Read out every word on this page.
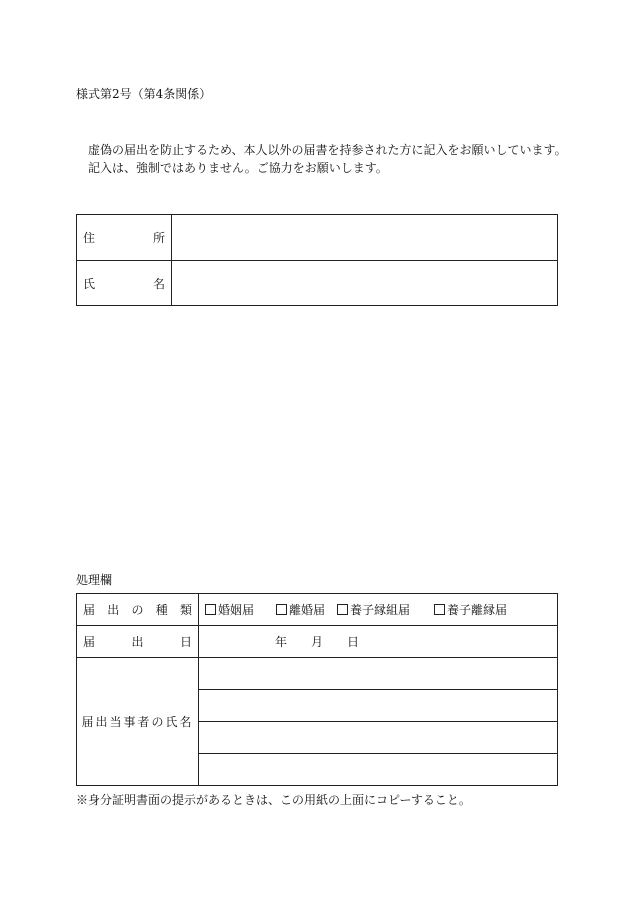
様式第2号（第4条関係）
虚偽の届出を防止するため、本人以外の届書を持参された方に記入をお願いしています。
記入は、強制ではありません。ご協力をお願いします。
住 所	

氏 名	

処理欄
届 出 の 種 類	婚姻届 離婚届 養子縁組届 養子離縁届

届 出 日	年 月 日

届出当事者の氏名	

※身分証明書面の提示があるときは、この用紙の上面にコピーすること。
